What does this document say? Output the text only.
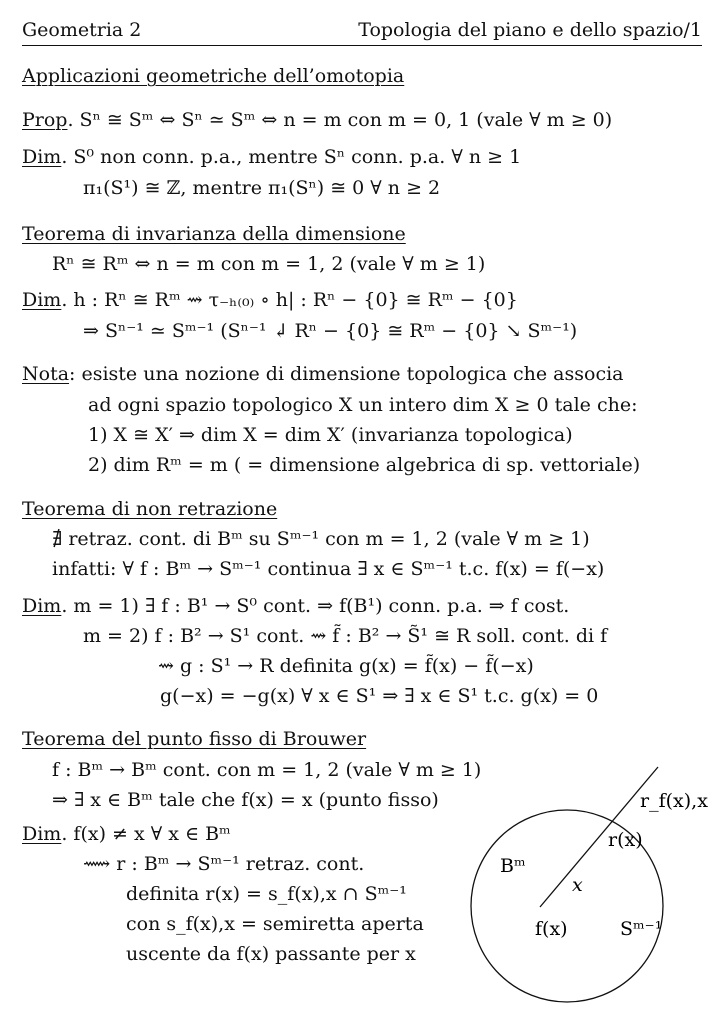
Geometria 2	Topologia del piano e dello spazio/1
Applicazioni geometriche dell’omotopia
Prop. Sⁿ ≅ Sᵐ ⇔ Sⁿ ≃ Sᵐ ⇔ n = m con m = 0, 1 (vale ∀ m ≥ 0)
Dim. S⁰ non conn. p.a., mentre Sⁿ conn. p.a. ∀ n ≥ 1
π₁(S¹) ≅ ℤ, mentre π₁(Sⁿ) ≅ 0 ∀ n ≥ 2
Teorema di invarianza della dimensione
Rⁿ ≅ Rᵐ ⇔ n = m con m = 1, 2 (vale ∀ m ≥ 1)
Dim. h : Rⁿ ≅ Rᵐ ⇝ τ₋ₕ₍₀₎ ∘ h| : Rⁿ − {0} ≅ Rᵐ − {0}
⇒ Sⁿ⁻¹ ≃ Sᵐ⁻¹ (Sⁿ⁻¹ ↲ Rⁿ − {0} ≅ Rᵐ − {0} ↘ Sᵐ⁻¹)
Nota: esiste una nozione di dimensione topologica che associa
ad ogni spazio topologico X un intero dim X ≥ 0 tale che:
1) X ≅ X′ ⇒ dim X = dim X′ (invarianza topologica)
2) dim Rᵐ = m ( = dimensione algebrica di sp. vettoriale)
Teorema di non retrazione
∄ retraz. cont. di Bᵐ su Sᵐ⁻¹ con m = 1, 2 (vale ∀ m ≥ 1)
infatti: ∀ f : Bᵐ → Sᵐ⁻¹ continua ∃ x ∈ Sᵐ⁻¹ t.c. f(x) = f(−x)
Dim. m = 1) ∃ f : B¹ → S⁰ cont. ⇒ f(B¹) conn. p.a. ⇒ f cost.
m = 2) f : B² → S¹ cont. ⇝ f̃ : B² → S̃¹ ≅ R soll. cont. di f
⇝ g : S¹ → R definita g(x) = f̃(x) − f̃(−x)
g(−x) = −g(x) ∀ x ∈ S¹ ⇒ ∃ x ∈ S¹ t.c. g(x) = 0
Teorema del punto fisso di Brouwer
f : Bᵐ → Bᵐ cont. con m = 1, 2 (vale ∀ m ≥ 1)
⇒ ∃ x ∈ Bᵐ tale che f(x) = x (punto fisso)
Dim. f(x) ≠ x ∀ x ∈ Bᵐ
⟿ r : Bᵐ → Sᵐ⁻¹ retraz. cont.
definita r(x) = s_f(x),x ∩ Sᵐ⁻¹
con s_f(x),x = semiretta aperta
uscente da f(x) passante per x
r_f(x),x
r(x)
Bᵐ
x
f(x)	Sᵐ⁻¹
